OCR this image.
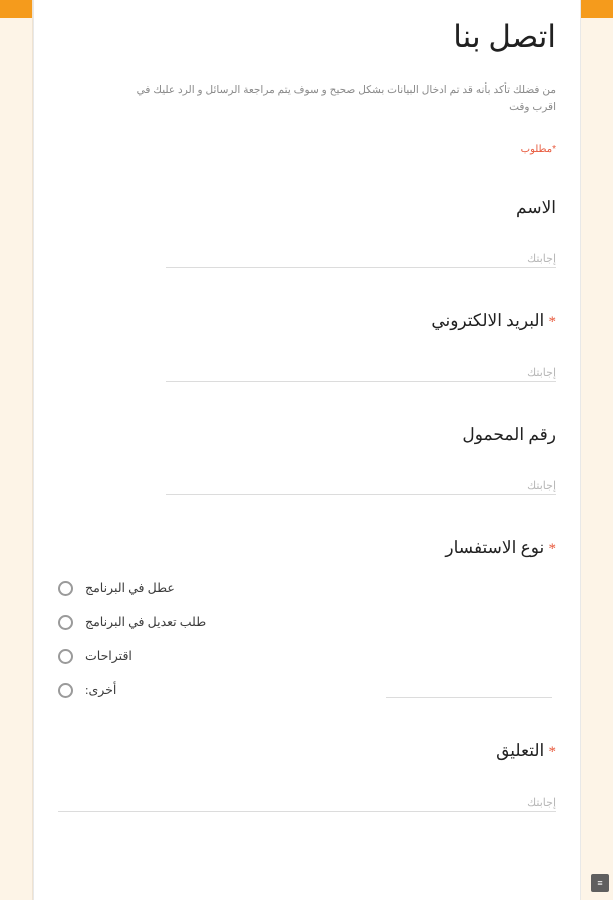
اتصل بنا
من فضلك تأكد بأنه قد تم ادخال البيانات بشكل صحيح و سوف يتم مراجعة الرسائل و الرد عليك في اقرب وقت
*مطلوب
الاسم
إجابتك
* البريد الالكتروني
إجابتك
رقم المحمول
إجابتك
* نوع الاستفسار
عطل في البرنامج
طلب تعديل في البرنامج
اقتراحات
أخرى:
* التعليق
إجابتك
≡
